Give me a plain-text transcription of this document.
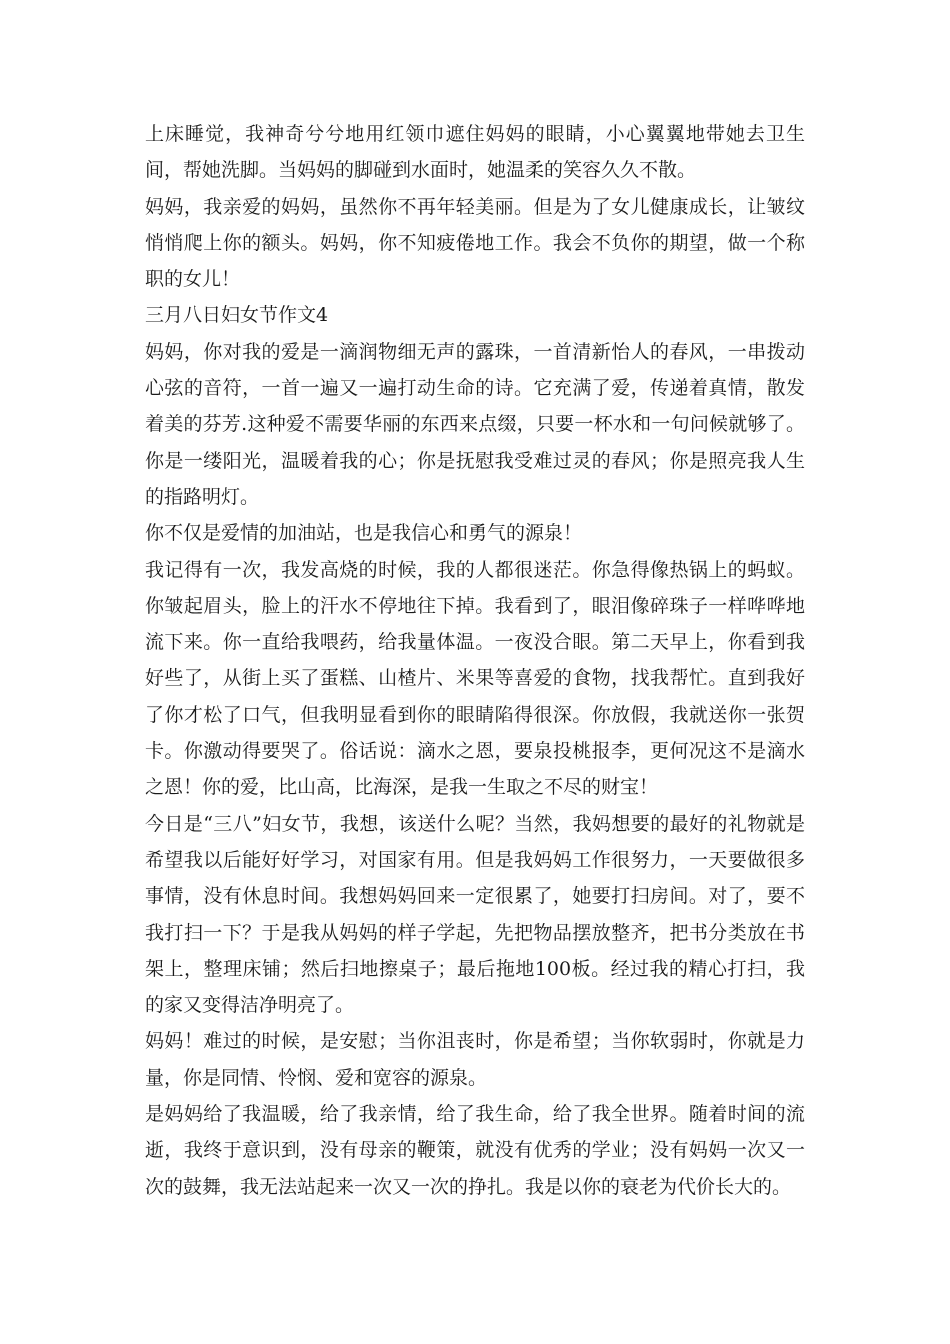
上床睡觉，我神奇兮兮地用红领巾遮住妈妈的眼睛，小心翼翼地带她去卫生间，帮她洗脚。当妈妈的脚碰到水面时，她温柔的笑容久久不散。

妈妈，我亲爱的妈妈，虽然你不再年轻美丽。但是为了女儿健康成长，让皱纹悄悄爬上你的额头。妈妈，你不知疲倦地工作。我会不负你的期望，做一个称职的女儿！

三月八日妇女节作文4

妈妈，你对我的爱是一滴润物细无声的露珠，一首清新怡人的春风，一串拨动心弦的音符，一首一遍又一遍打动生命的诗。它充满了爱，传递着真情，散发着美的芬芳.这种爱不需要华丽的东西来点缀，只要一杯水和一句问候就够了。你是一缕阳光，温暖着我的心；你是抚慰我受难过灵的春风；你是照亮我人生的指路明灯。

你不仅是爱情的加油站，也是我信心和勇气的源泉！

我记得有一次，我发高烧的时候，我的人都很迷茫。你急得像热锅上的蚂蚁。你皱起眉头，脸上的汗水不停地往下掉。我看到了，眼泪像碎珠子一样哗哗地流下来。你一直给我喂药，给我量体温。一夜没合眼。第二天早上，你看到我好些了，从街上买了蛋糕、山楂片、米果等喜爱的食物，找我帮忙。直到我好了你才松了口气，但我明显看到你的眼睛陷得很深。你放假，我就送你一张贺卡。你激动得要哭了。俗话说：滴水之恩，要泉投桃报李，更何况这不是滴水之恩！你的爱，比山高，比海深，是我一生取之不尽的财宝！

今日是“三八”妇女节，我想，该送什么呢？当然，我妈想要的最好的礼物就是希望我以后能好好学习，对国家有用。但是我妈妈工作很努力，一天要做很多事情，没有休息时间。我想妈妈回来一定很累了，她要打扫房间。对了，要不我打扫一下？于是我从妈妈的样子学起，先把物品摆放整齐，把书分类放在书架上，整理床铺；然后扫地擦桌子；最后拖地100板。经过我的精心打扫，我的家又变得洁净明亮了。

妈妈！难过的时候，是安慰；当你沮丧时，你是希望；当你软弱时，你就是力量，你是同情、怜悯、爱和宽容的源泉。

是妈妈给了我温暖，给了我亲情，给了我生命，给了我全世界。随着时间的流逝，我终于意识到，没有母亲的鞭策，就没有优秀的学业；没有妈妈一次又一次的鼓舞，我无法站起来一次又一次的挣扎。我是以你的衰老为代价长大的。
